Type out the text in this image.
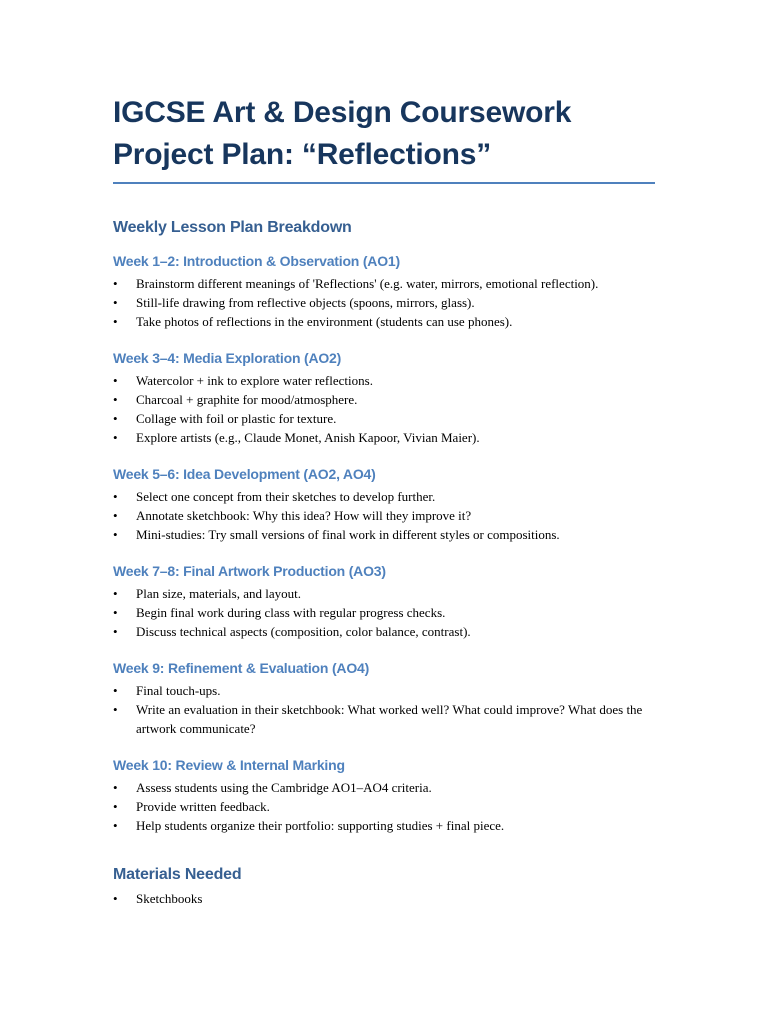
IGCSE Art & Design Coursework Project Plan: “Reflections”
Weekly Lesson Plan Breakdown
Week 1–2: Introduction & Observation (AO1)
• Brainstorm different meanings of 'Reflections' (e.g. water, mirrors, emotional reflection).
• Still-life drawing from reflective objects (spoons, mirrors, glass).
• Take photos of reflections in the environment (students can use phones).
Week 3–4: Media Exploration (AO2)
• Watercolor + ink to explore water reflections.
• Charcoal + graphite for mood/atmosphere.
• Collage with foil or plastic for texture.
• Explore artists (e.g., Claude Monet, Anish Kapoor, Vivian Maier).
Week 5–6: Idea Development (AO2, AO4)
• Select one concept from their sketches to develop further.
• Annotate sketchbook: Why this idea? How will they improve it?
• Mini-studies: Try small versions of final work in different styles or compositions.
Week 7–8: Final Artwork Production (AO3)
• Plan size, materials, and layout.
• Begin final work during class with regular progress checks.
• Discuss technical aspects (composition, color balance, contrast).
Week 9: Refinement & Evaluation (AO4)
• Final touch-ups.
• Write an evaluation in their sketchbook: What worked well? What could improve? What does the artwork communicate?
Week 10: Review & Internal Marking
• Assess students using the Cambridge AO1–AO4 criteria.
• Provide written feedback.
• Help students organize their portfolio: supporting studies + final piece.
Materials Needed
• Sketchbooks
